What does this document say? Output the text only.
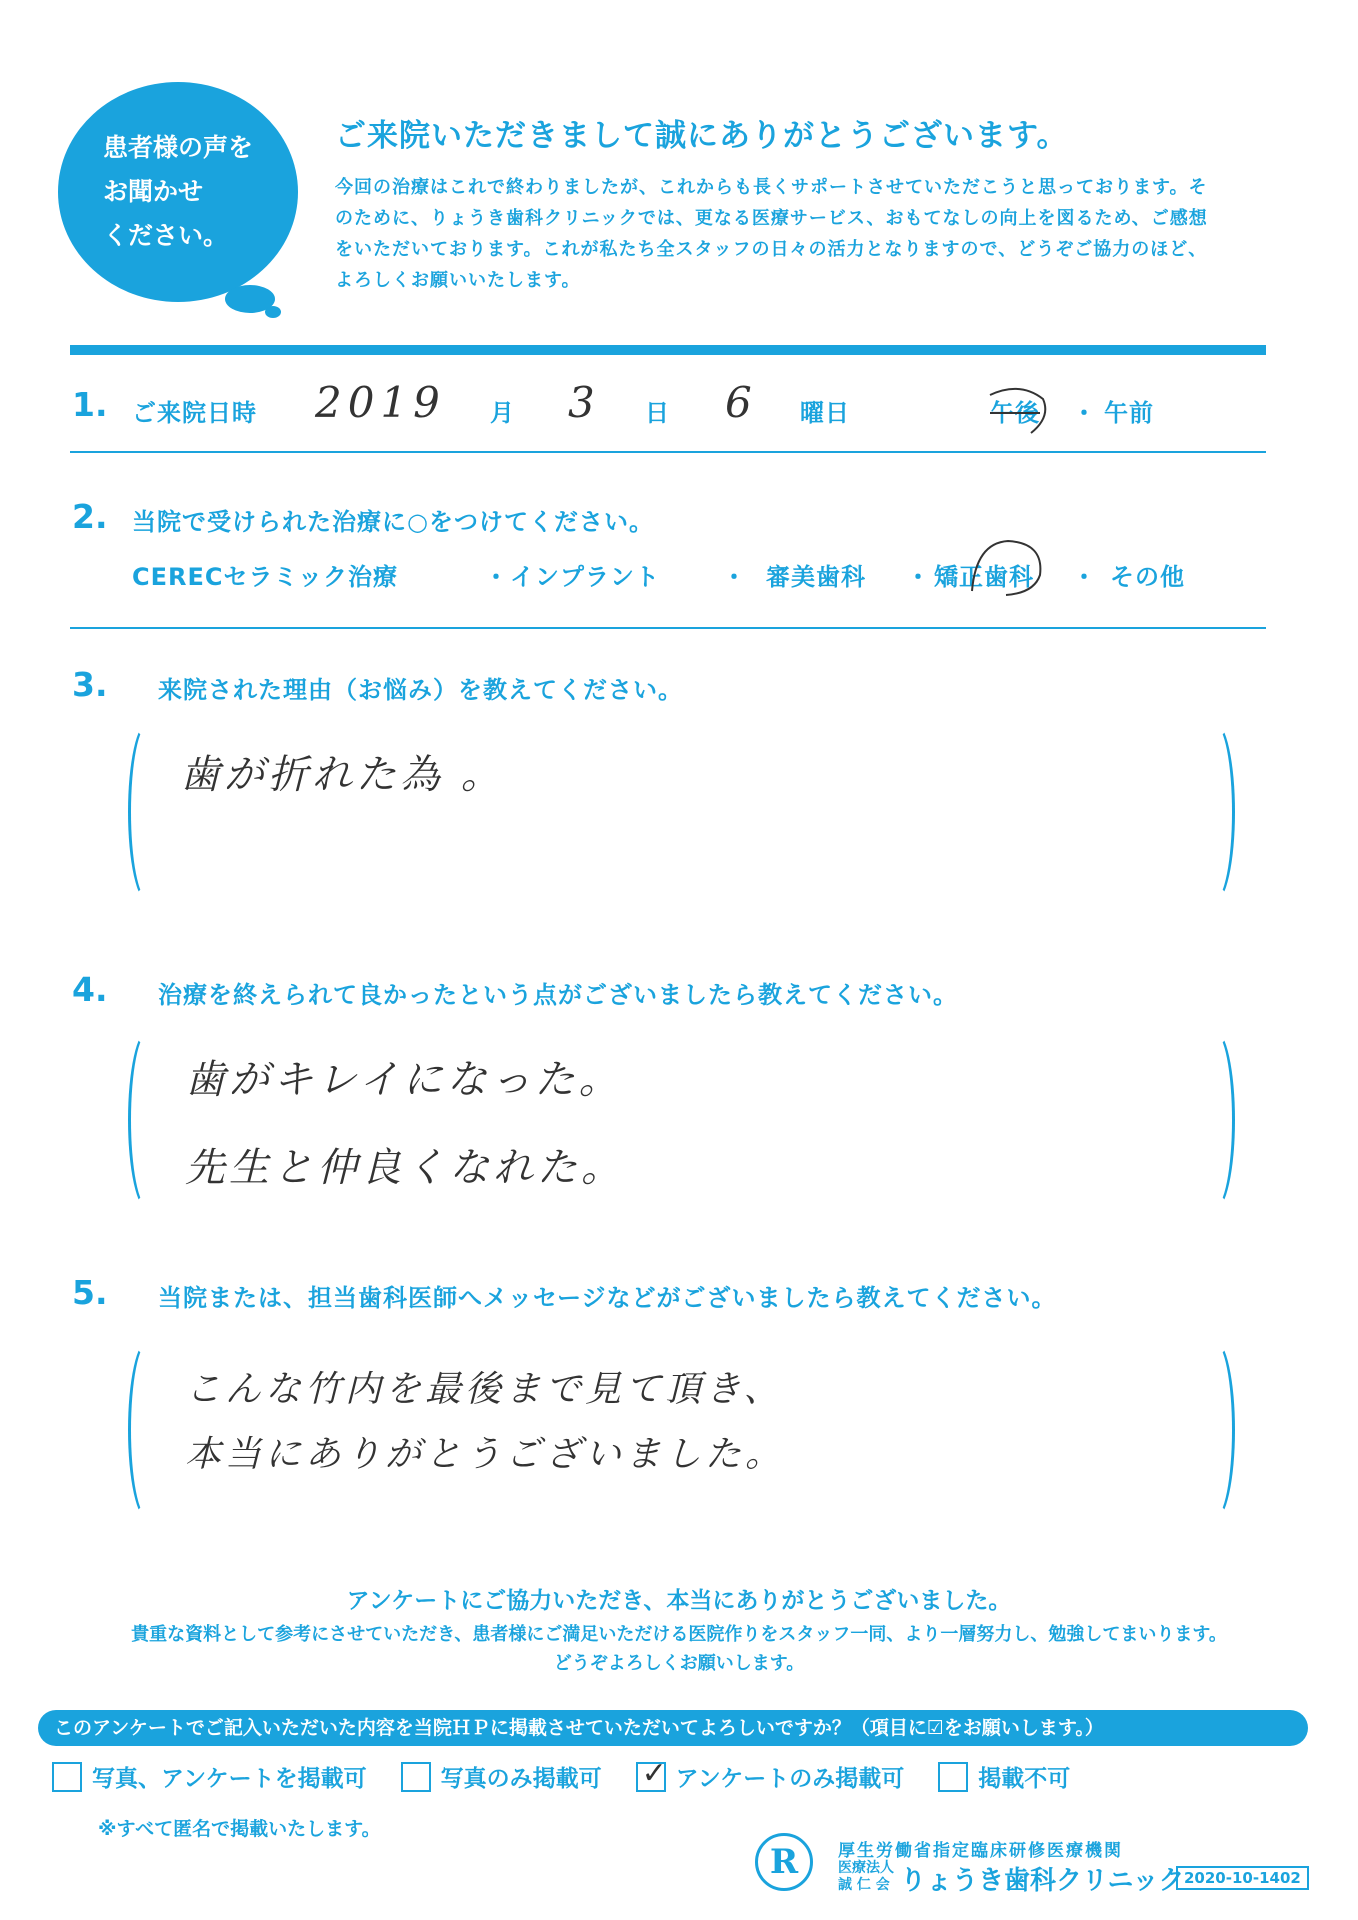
患者様の声を
お聞かせ
ください。
ご来院いただきまして誠にありがとうございます。
今回の治療はこれで終わりましたが、これからも長くサポートさせていただこうと思っております。そのために、りょうき歯科クリニックでは、更なる医療サービス、おもてなしの向上を図るため、ご感想をいただいております。これが私たち全スタッフの日々の活力となりますので、どうぞご協力のほど、よろしくお願いいたします。
1. ご来院日時 2019 月 3 日 6 曜日	午後 ・ 午前
2. 当院で受けられた治療に○をつけてください。
CERECセラミック治療	・ インプラント	・ 審美歯科 ・ 矯正歯科 ・ その他
3. 来院された理由（お悩み）を教えてください。
歯が折れた為 。
4. 治療を終えられて良かったという点がございましたら教えてください。
歯がキレイになった。
先生と仲良くなれた。
5. 当院または、担当歯科医師へメッセージなどがございましたら教えてください。
こんな竹内を最後まで見て頂き、
本当にありがとうございました。
アンケートにご協力いただき、本当にありがとうございました。
貴重な資料として参考にさせていただき、患者様にご満足いただける医院作りをスタッフ一同、より一層努力し、勉強してまいります。
どうぞよろしくお願いします。
このアンケートでご記入いただいた内容を当院ＨＰに掲載させていただいてよろしいですか？（項目に☑をお願いします。）
写真、アンケートを掲載可	写真のみ掲載可 ✓	アンケートのみ掲載可	掲載不可
※すべて匿名で掲載いたします。
R	厚生労働省指定臨床研修医療機関
医療法人
誠 仁 会 りょうき歯科クリニック 2020-10-1402
